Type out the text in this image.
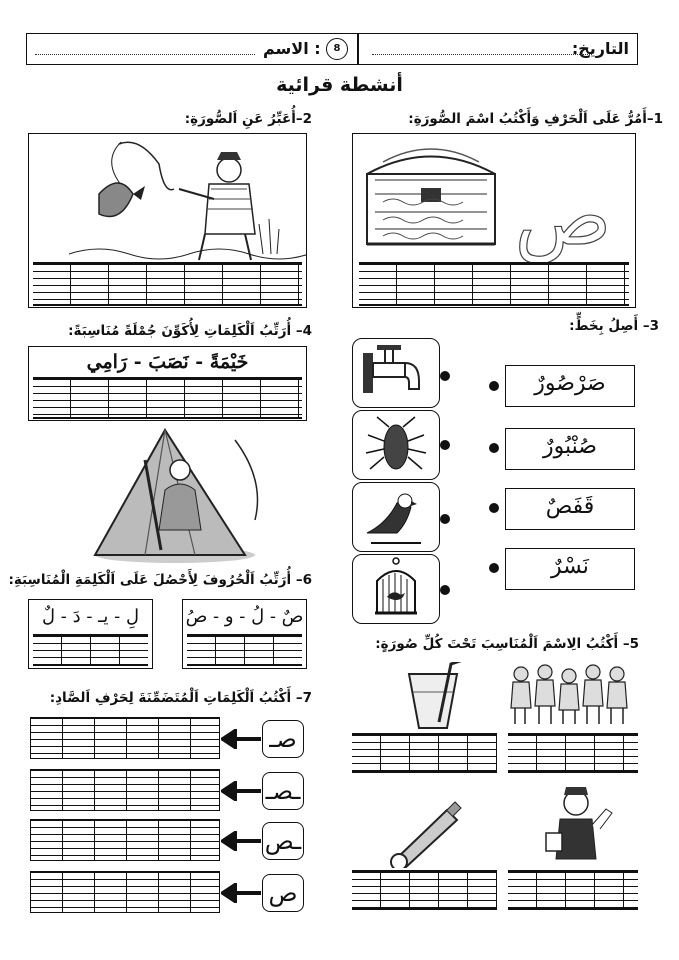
التاريخ:
8
: الاسم
أنشطة قرائية
1–أَمُرُّ عَلَى اَلْحَرْفِ وَأَكْتُبُ اسْمَ الصُّورَةِ:
ص
2–أُعَبِّرُ عَنِ اَلصُّورَةِ:
3– أَصِلُ بِخَطٍّ:
صَرْصُورٌ
صُنْبُورٌ
قَفَصٌ
نَسْرٌ
4– أُرَتِّبُ اَلْكَلِمَاتِ لِأُكَوِّنَ جُمْلَةً مُنَاسِبَةً:
خَيْمَةً - نَصَبَ - رَامِي
6– أُرَتِّبُ اَلْحُرُوفَ لِأَحْصُلَ عَلَى اَلْكَلِمَةِ الْمُنَاسِبَةِ:
صٌ - لُ - و - صُ
لِ - يـ - دَ - لٌ
5– أَكْتُبُ الِاسْمَ اَلْمُنَاسِبَ تَحْتَ كُلِّ صُورَةٍ:
7– أَكْتُبُ اَلْكَلِمَاتِ اَلْمُتَضَمِّنَةَ لِحَرْفِ اَلصَّادِ:
صـ
ـصـ
ـص
ص
